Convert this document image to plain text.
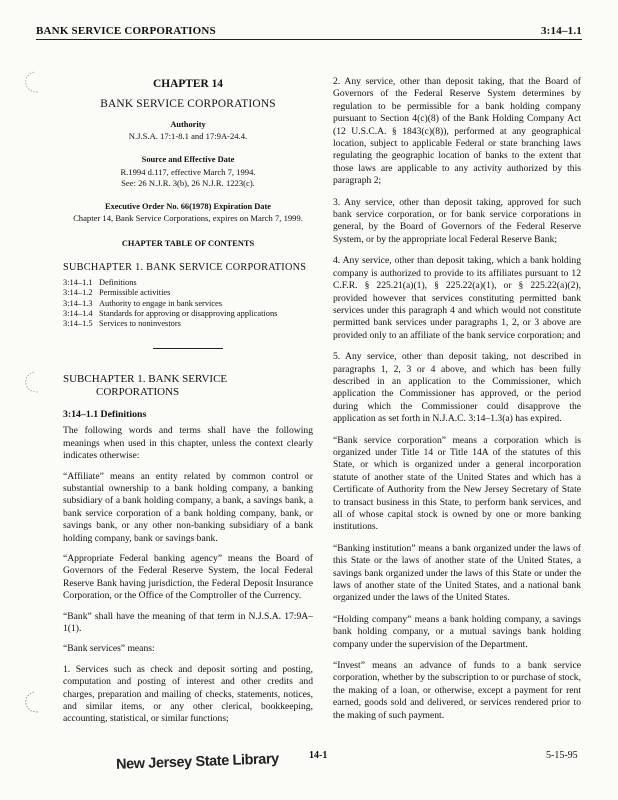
BANK SERVICE CORPORATIONS	3:14–1.1
CHAPTER 14
BANK SERVICE CORPORATIONS
Authority
N.J.S.A. 17:1-8.1 and 17:9A-24.4.
Source and Effective Date
R.1994 d.117, effective March 7, 1994.
See: 26 N.J.R. 3(b), 26 N.J.R. 1223(c).
Executive Order No. 66(1978) Expiration Date
Chapter 14, Bank Service Corporations, expires on March 7, 1999.
CHAPTER TABLE OF CONTENTS
SUBCHAPTER 1. BANK SERVICE CORPORATIONS
3:14–1.1 Definitions
3:14–1.2 Permissible activities
3:14–1.3 Authority to engage in bank services
3:14–1.4 Standards for approving or disapproving applications
3:14–1.5 Services to noninvestors
SUBCHAPTER 1. BANK SERVICE
CORPORATIONS
3:14–1.1 Definitions

The following words and terms shall have the following meanings when used in this chapter, unless the context clearly indicates otherwise:

“Affiliate” means an entity related by common control or substantial ownership to a bank holding company, a banking subsidiary of a bank holding company, a bank, a savings bank, a bank service corporation of a bank holding company, bank, or savings bank, or any other non-banking subsidiary of a bank holding company, bank or savings bank.

“Appropriate Federal banking agency” means the Board of Governors of the Federal Reserve System, the local Federal Reserve Bank having jurisdiction, the Federal Deposit Insurance Corporation, or the Office of the Comptroller of the Currency.

“Bank” shall have the meaning of that term in N.J.S.A. 17:9A–1(1).

“Bank services” means:

1. Services such as check and deposit sorting and posting, computation and posting of interest and other credits and charges, preparation and mailing of checks, statements, notices, and similar items, or any other clerical, bookkeeping, accounting, statistical, or similar functions;

2. Any service, other than deposit taking, that the Board of Governors of the Federal Reserve System determines by regulation to be permissible for a bank holding company pursuant to Section 4(c)(8) of the Bank Holding Company Act (12 U.S.C.A. § 1843(c)(8)), performed at any geographical location, subject to applicable Federal or state branching laws regulating the geographic location of banks to the extent that those laws are applicable to any activity authorized by this paragraph 2;

3. Any service, other than deposit taking, approved for such bank service corporation, or for bank service corporations in general, by the Board of Governors of the Federal Reserve System, or by the appropriate local Federal Reserve Bank;

4. Any service, other than deposit taking, which a bank holding company is authorized to provide to its affiliates pursuant to 12 C.F.R. § 225.21(a)(1), § 225.22(a)(1), or § 225.22(a)(2), provided however that services constituting permitted bank services under this paragraph 4 and which would not constitute permitted bank services under paragraphs 1, 2, or 3 above are provided only to an affiliate of the bank service corporation; and

5. Any service, other than deposit taking, not described in paragraphs 1, 2, 3 or 4 above, and which has been fully described in an application to the Commissioner, which application the Commissioner has approved, or the period during which the Commissioner could disapprove the application as set forth in N.J.A.C. 3:14–1.3(a) has expired.

“Bank service corporation” means a corporation which is organized under Title 14 or Title 14A of the statutes of this State, or which is organized under a general incorporation statute of another state of the United States and which has a Certificate of Authority from the New Jersey Secretary of State to transact business in this State, to perform bank services, and all of whose capital stock is owned by one or more banking institutions.

“Banking institution” means a bank organized under the laws of this State or the laws of another state of the United States, a savings bank organized under the laws of this State or under the laws of another state of the United States, and a national bank organized under the laws of the United States.

“Holding company” means a bank holding company, a savings bank holding company, or a mutual savings bank holding company under the supervision of the Department.

“Invest” means an advance of funds to a bank service corporation, whether by the subscription to or purchase of stock, the making of a loan, or otherwise, except a payment for rent earned, goods sold and delivered, or services rendered prior to the making of such payment.

14-1	5-15-95
New Jersey State Library
